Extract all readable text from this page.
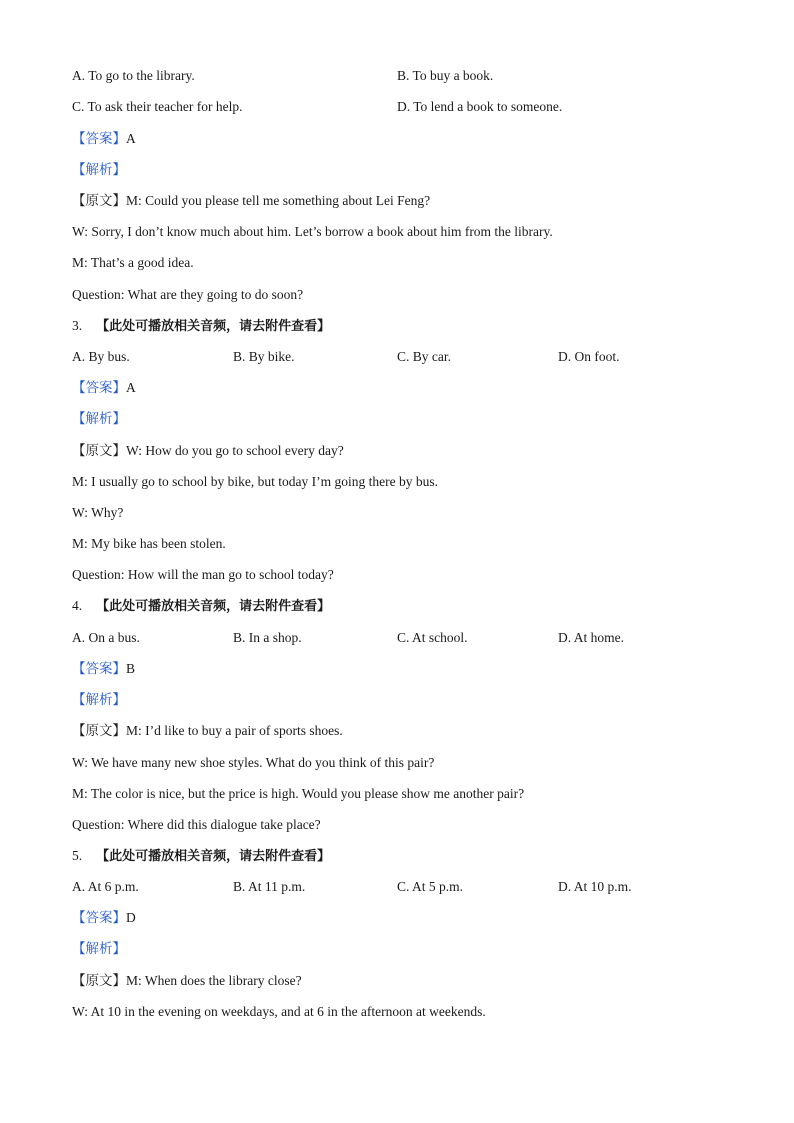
A. To go to the library.	B. To buy a book.
C. To ask their teacher for help.	D. To lend a book to someone.
【答案】A
【解析】
【原文】M: Could you please tell me something about Lei Feng?
W: Sorry, I don’t know much about him. Let’s borrow a book about him from the library.
M: That’s a good idea.
Question: What are they going to do soon?
3. 【此处可播放相关音频，请去附件查看】
A. By bus.	B. By bike.	C. By car.	D. On foot.
【答案】A
【解析】
【原文】W: How do you go to school every day?
M: I usually go to school by bike, but today I’m going there by bus.
W: Why?
M: My bike has been stolen.
Question: How will the man go to school today?
4. 【此处可播放相关音频，请去附件查看】
A. On a bus.	B. In a shop.	C. At school.	D. At home.
【答案】B
【解析】
【原文】M: I’d like to buy a pair of sports shoes.
W: We have many new shoe styles. What do you think of this pair?
M: The color is nice, but the price is high. Would you please show me another pair?
Question: Where did this dialogue take place?
5. 【此处可播放相关音频，请去附件查看】
A. At 6 p.m.	B. At 11 p.m.	C. At 5 p.m.	D. At 10 p.m.
【答案】D
【解析】
【原文】M: When does the library close?
W: At 10 in the evening on weekdays, and at 6 in the afternoon at weekends.
